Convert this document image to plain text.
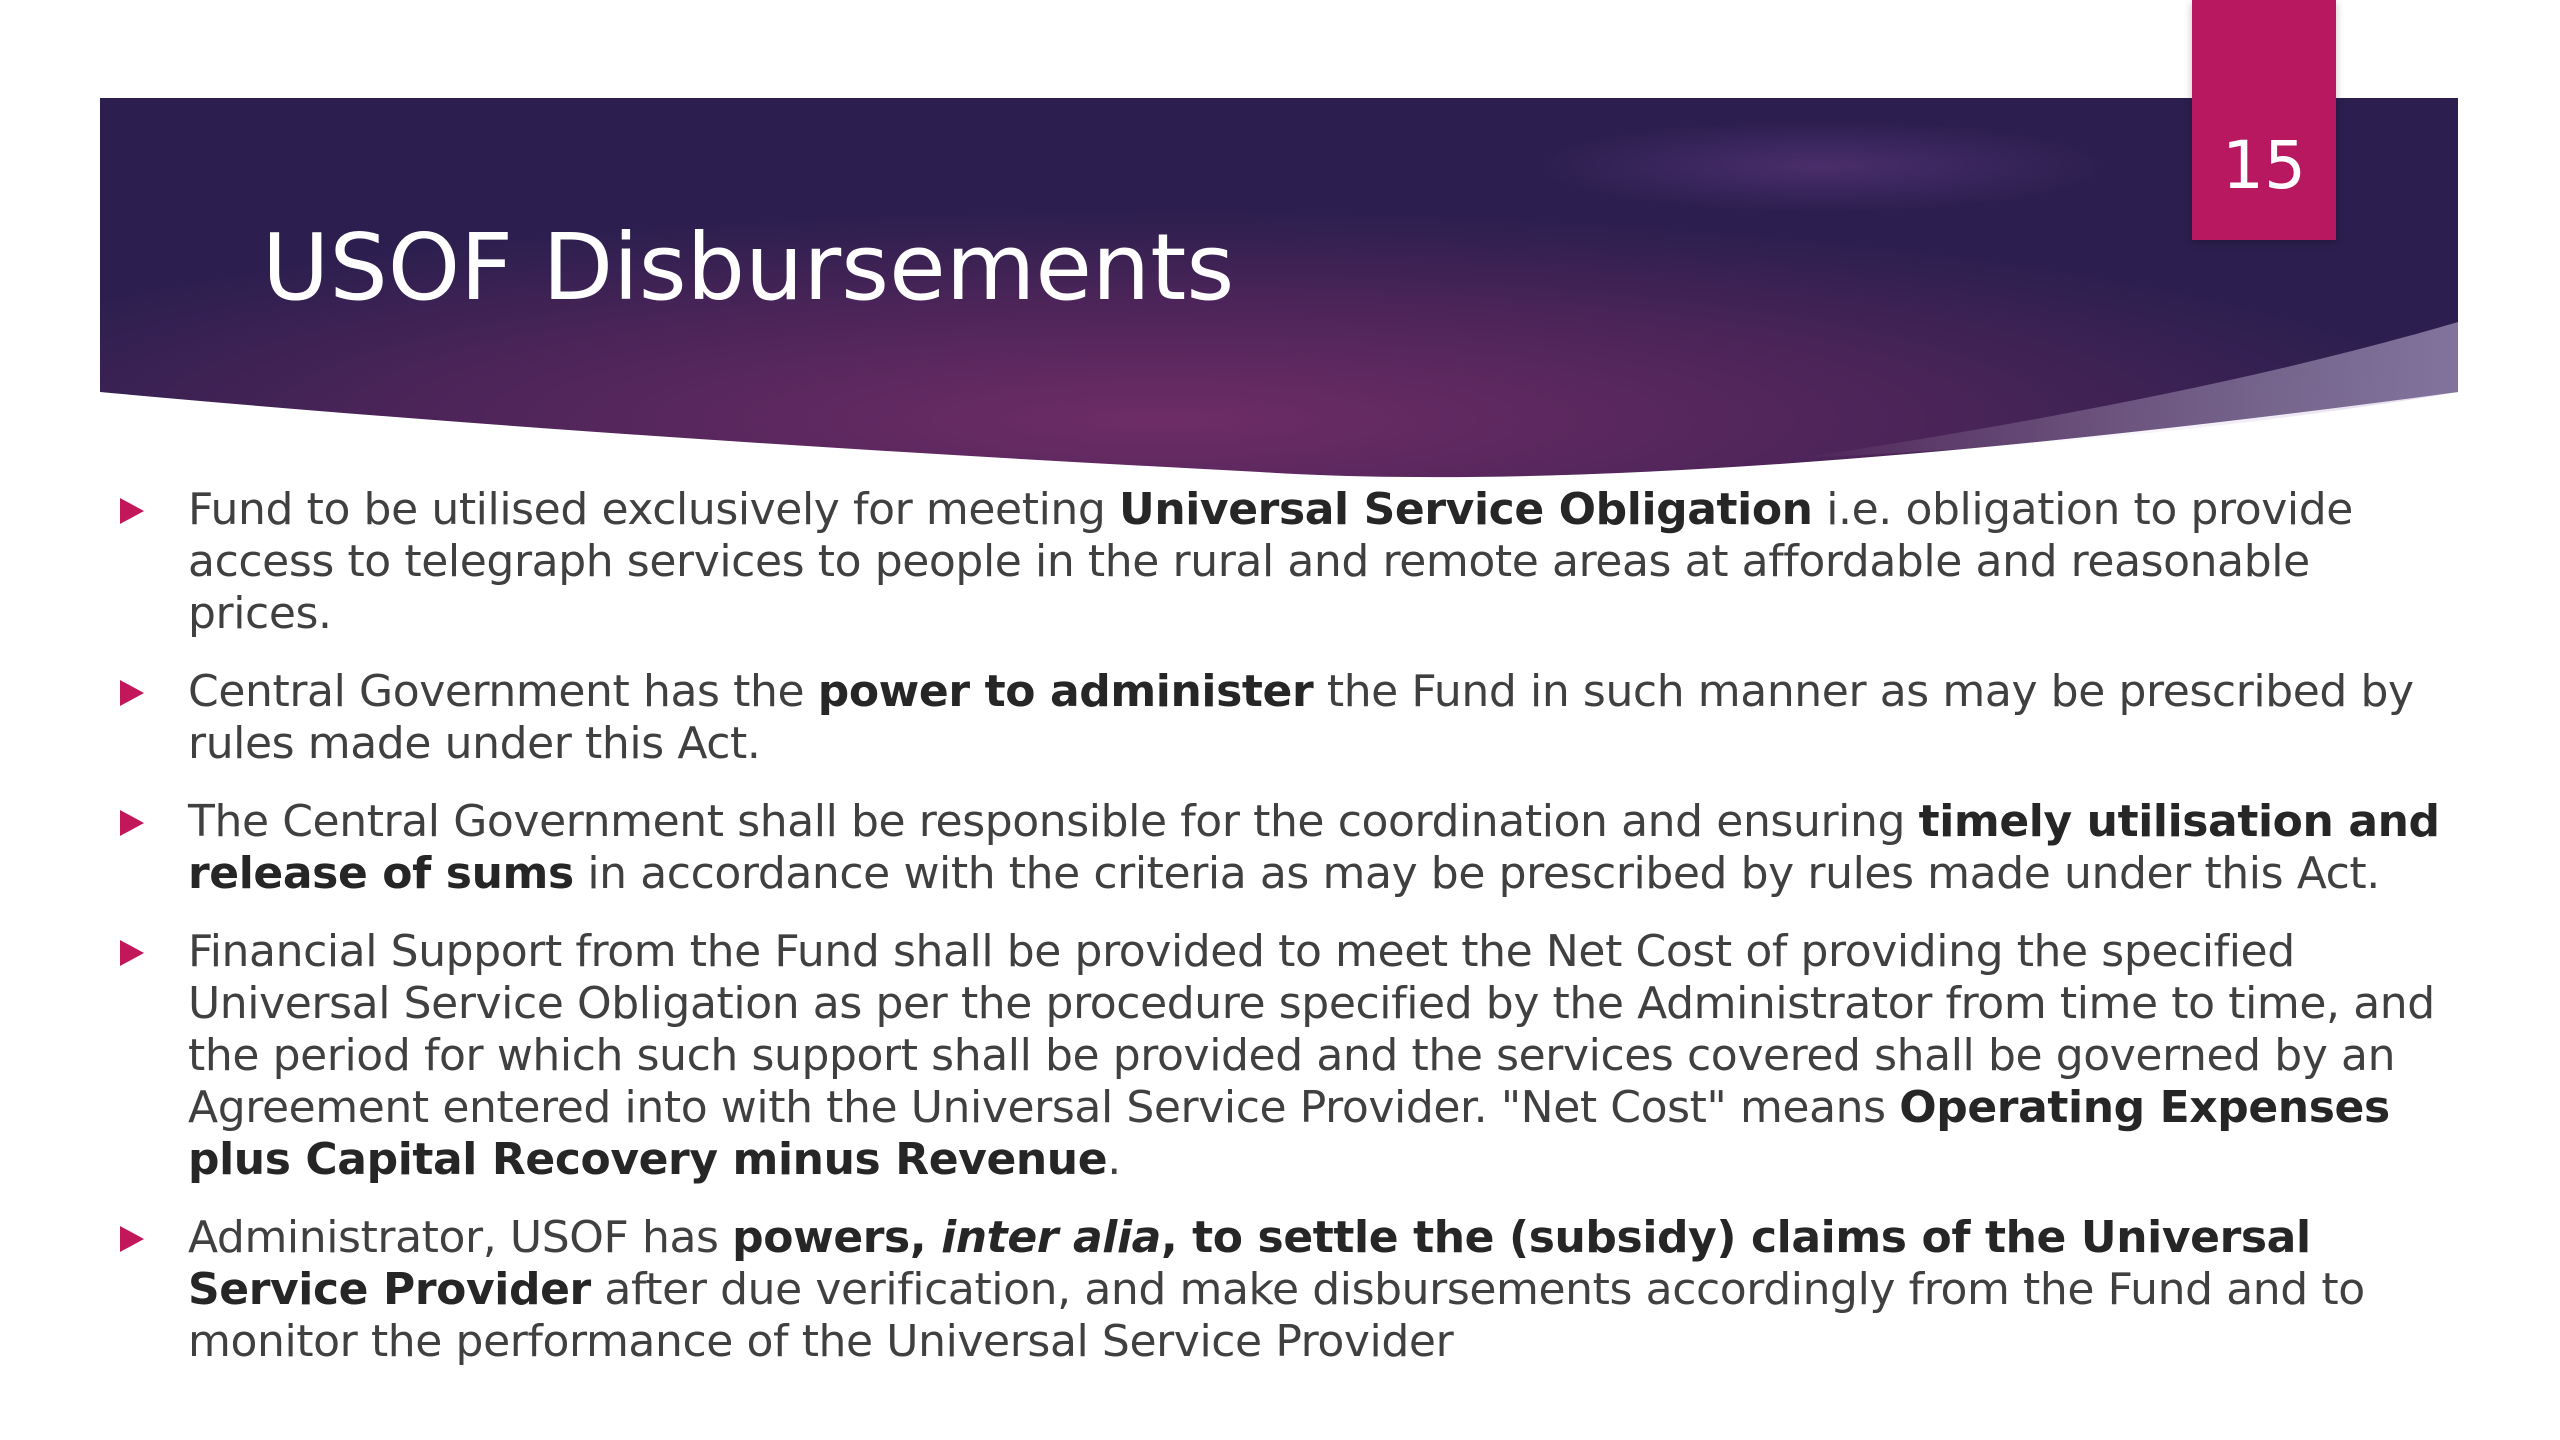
USOF Disbursements
15
Fund to be utilised exclusively for meeting Universal Service Obligation i.e. obligation to provide access to telegraph services to people in the rural and remote areas at affordable and reasonable prices.
Central Government has the power to administer the Fund in such manner as may be prescribed by rules made under this Act.
The Central Government shall be responsible for the coordination and ensuring timely utilisation and release of sums in accordance with the criteria as may be prescribed by rules made under this Act.
Financial Support from the Fund shall be provided to meet the Net Cost of providing the specified Universal Service Obligation as per the procedure specified by the Administrator from time to time, and the period for which such support shall be provided and the services covered shall be governed by an Agreement entered into with the Universal Service Provider. "Net Cost" means Operating Expenses plus Capital Recovery minus Revenue.
Administrator, USOF has powers, inter alia, to settle the (subsidy) claims of the Universal Service Provider after due verification, and make disbursements accordingly from the Fund and to monitor the performance of the Universal Service Provider
